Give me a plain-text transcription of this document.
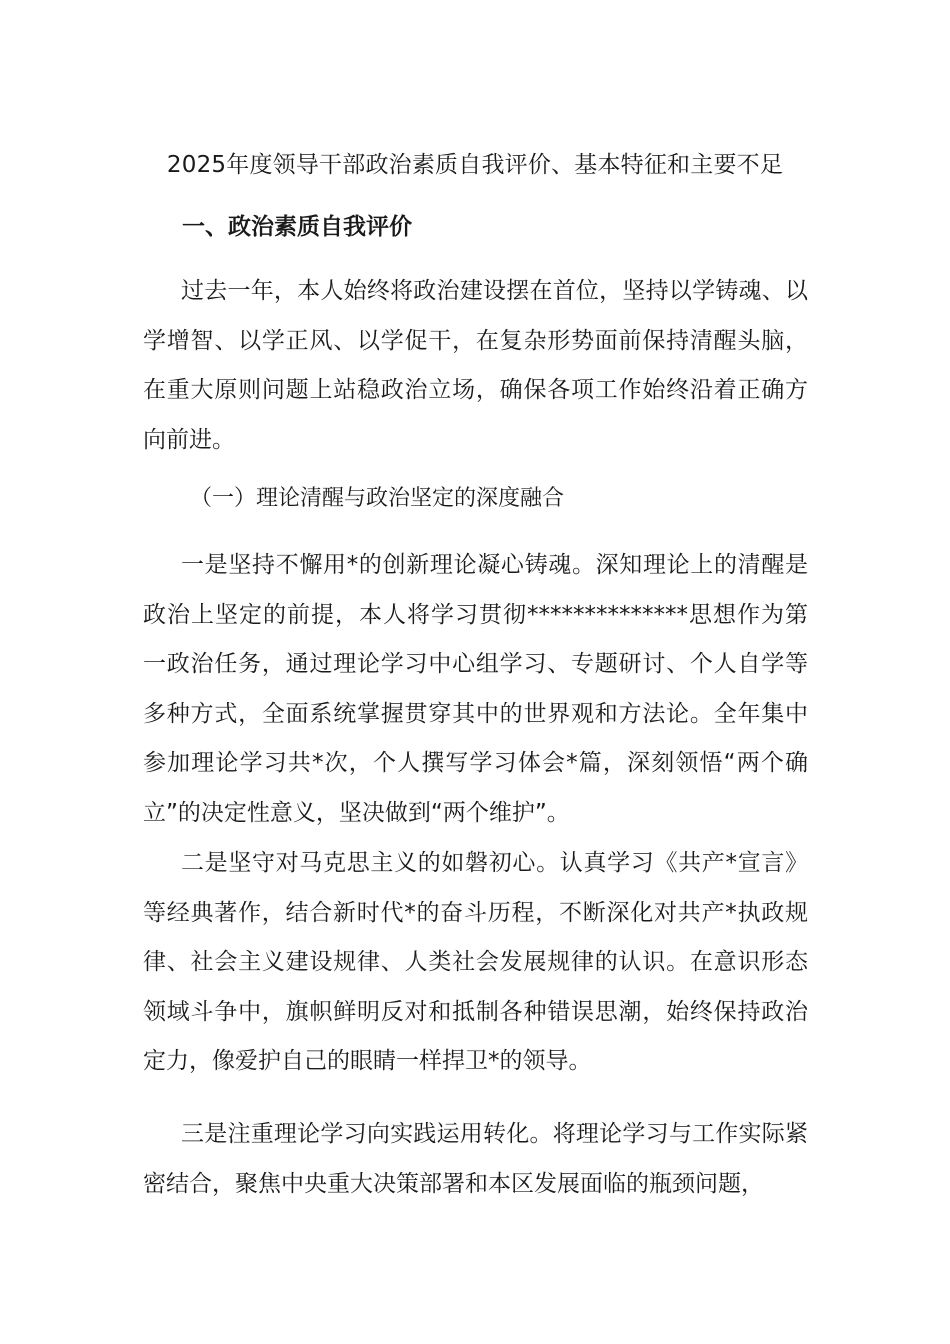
2025年度领导干部政治素质自我评价、基本特征和主要不足
一、政治素质自我评价

过去一年，本人始终将政治建设摆在首位，坚持以学铸魂、以学增智、以学正风、以学促干，在复杂形势面前保持清醒头脑，在重大原则问题上站稳政治立场，确保各项工作始终沿着正确方向前进。

（一）理论清醒与政治坚定的深度融合

一是坚持不懈用*的创新理论凝心铸魂。深知理论上的清醒是政治上坚定的前提，本人将学习贯彻**************思想作为第一政治任务，通过理论学习中心组学习、专题研讨、个人自学等多种方式，全面系统掌握贯穿其中的世界观和方法论。全年集中参加理论学习共*次，个人撰写学习体会*篇，深刻领悟“两个确立”的决定性意义，坚决做到“两个维护”。

二是坚守对马克思主义的如磐初心。认真学习《共产*宣言》等经典著作，结合新时代*的奋斗历程，不断深化对共产*执政规律、社会主义建设规律、人类社会发展规律的认识。在意识形态领域斗争中，旗帜鲜明反对和抵制各种错误思潮，始终保持政治定力，像爱护自己的眼睛一样捍卫*的领导。

三是注重理论学习向实践运用转化。将理论学习与工作实际紧密结合，聚焦中央重大决策部署和本区发展面临的瓶颈问题，
